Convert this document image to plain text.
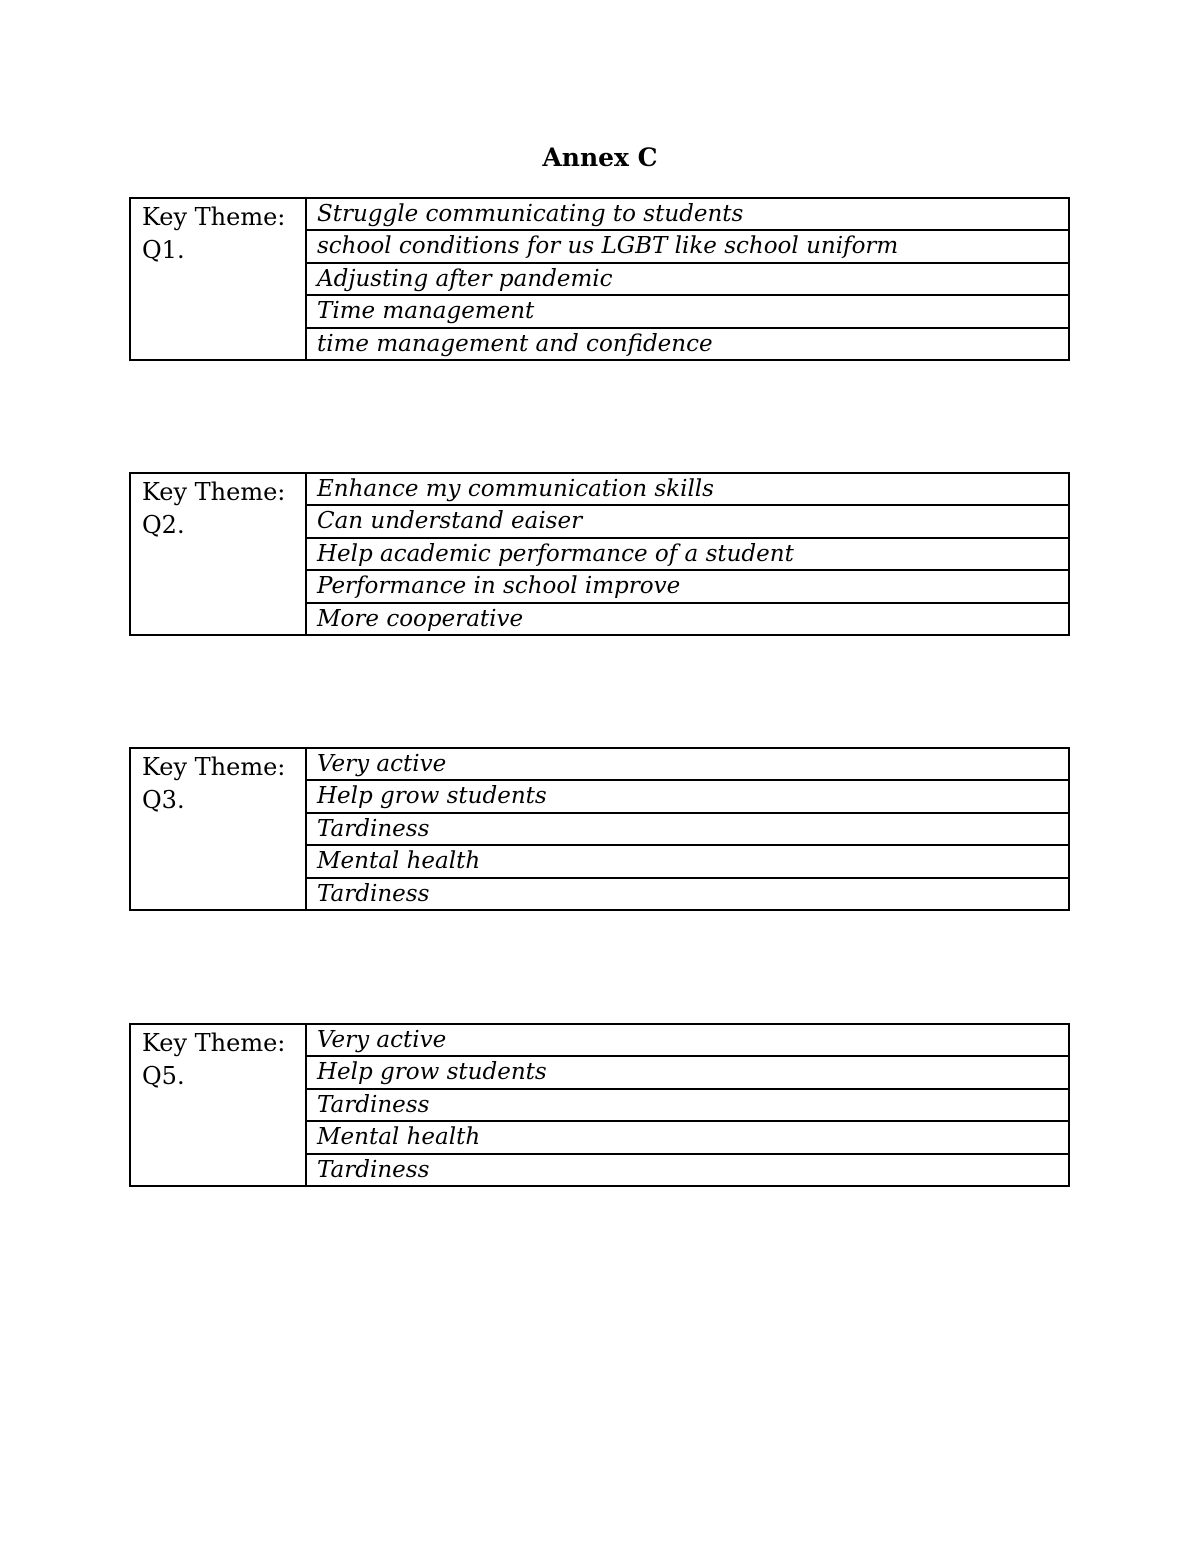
Annex C
Key Theme:
Q1.
	Struggle communicating to students
school conditions for us LGBT like school uniform
Adjusting after pandemic
Time management
time management and confidence
Key Theme:
Q2.
	Enhance my communication skills
Can understand eaiser
Help academic performance of a student
Performance in school improve
More cooperative
Key Theme:
Q3.
	Very active
Help grow students
Tardiness
Mental health
Tardiness
Key Theme:
Q5.
	Very active
Help grow students
Tardiness
Mental health
Tardiness
